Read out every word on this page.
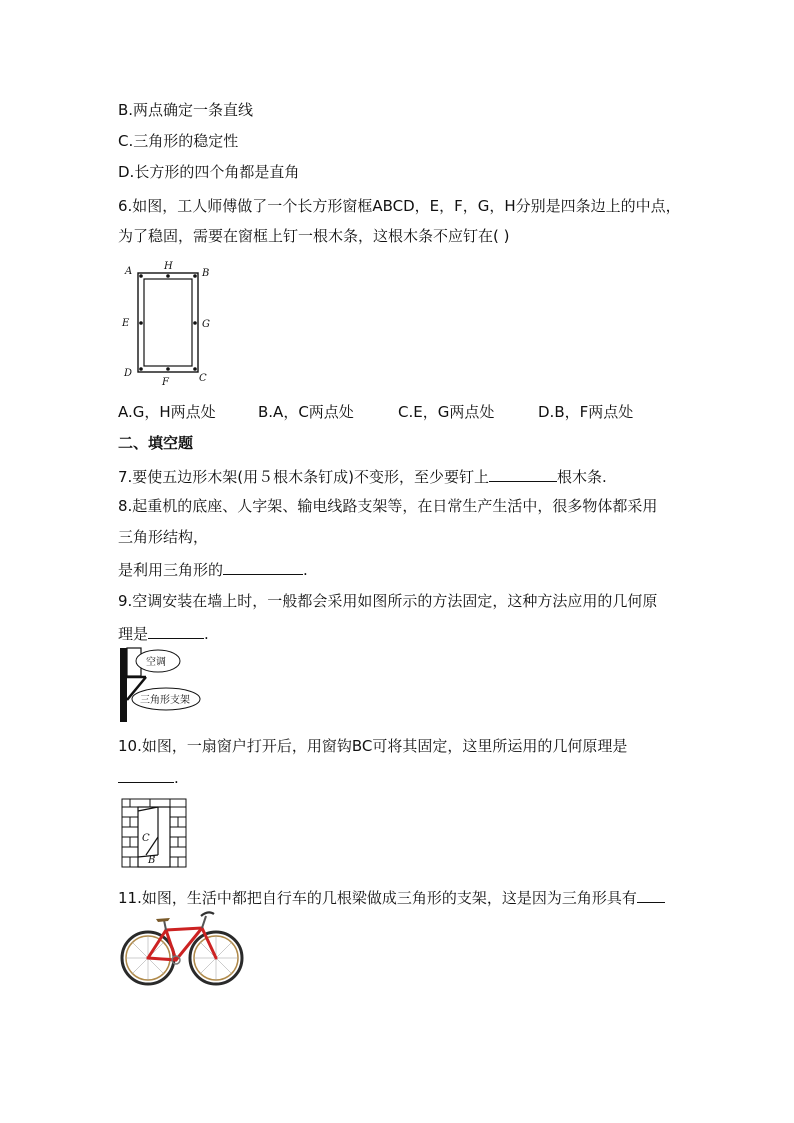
B.两点确定一条直线
C.三角形的稳定性
D.长方形的四个角都是直角
6.如图，工人师傅做了一个长方形窗框ABCD，E，F，G，H分别是四条边上的中点，
为了稳固，需要在窗框上钉一根木条，这根木条不应钉在( )
A	B
H
E	G
D	C
F
A.G，H两点处	B.A，C两点处	C.E，G两点处	D.B，F两点处
二、填空题
7.要使五边形木架(用５根木条钉成)不变形，至少要钉上	根木条.
8.起重机的底座、人字架、输电线路支架等，在日常生产生活中，很多物体都采用
三角形结构，
是利用三角形的	.
9.空调安装在墙上时，一般都会采用如图所示的方法固定，这种方法应用的几何原
理是	.
空调
三角形支架
10.如图，一扇窗户打开后，用窗钩BC可将其固定，这里所运用的几何原理是
.
C
B
11.如图，生活中都把自行车的几根梁做成三角形的支架，这是因为三角形具有
